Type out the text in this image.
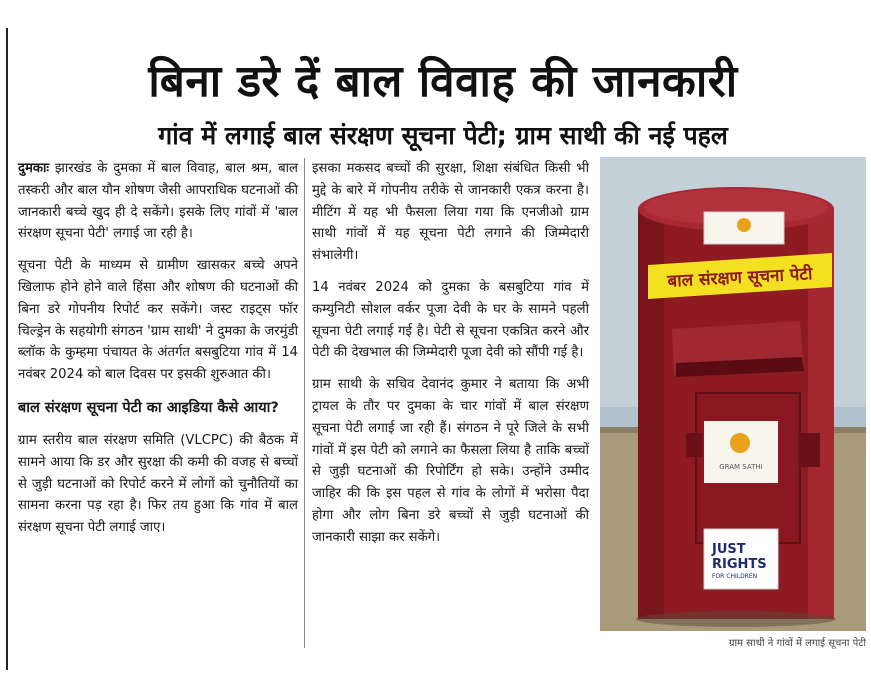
बिना डरे दें बाल विवाह की जानकारी
गांव में लगाई बाल संरक्षण सूचना पेटी; ग्राम साथी की नई पहल

दुमकाः झारखंड के दुमका में बाल विवाह, बाल श्रम, बाल तस्करी और बाल यौन शोषण जैसी आपराधिक घटनाओं की जानकारी बच्चे खुद ही दे सकेंगे। इसके लिए गांवों में 'बाल संरक्षण सूचना पेटी' लगाई जा रही है।

सूचना पेटी के माध्यम से ग्रामीण खासकर बच्चे अपने खिलाफ होने होने वाले हिंसा और शोषण की घटनाओं की बिना डरे गोपनीय रिपोर्ट कर सकेंगे। जस्ट राइट्स फॉर चिल्ड्रेन के सहयोगी संगठन 'ग्राम साथी' ने दुमका के जरमुंडी ब्लॉक के कुम्हमा पंचायत के अंतर्गत बसबुटिया गांव में 14 नवंबर 2024 को बाल दिवस पर इसकी शुरुआत की।

बाल संरक्षण सूचना पेटी का आइडिया कैसे आया?

ग्राम स्तरीय बाल संरक्षण समिति (VLCPC) की बैठक में सामने आया कि डर और सुरक्षा की कमी की वजह से बच्चों से जुड़ी घटनाओं को रिपोर्ट करने में लोगों को चुनौतियों का सामना करना पड़ रहा है। फिर तय हुआ कि गांव में बाल संरक्षण सूचना पेटी लगाई जाए।

इसका मकसद बच्चों की सुरक्षा, शिक्षा संबंधित किसी भी मुद्दे के बारे में गोपनीय तरीके से जानकारी एकत्र करना है। मीटिंग में यह भी फैसला लिया गया कि एनजीओ ग्राम साथी गांवों में यह सूचना पेटी लगाने की जिम्मेदारी संभालेगी।

14 नवंबर 2024 को दुमका के बसबुटिया गांव में कम्युनिटी सोशल वर्कर पूजा देवी के घर के सामने पहली सूचना पेटी लगाई गई है। पेटी से सूचना एकत्रित करने और पेटी की देखभाल की जिम्मेदारी पूजा देवी को सौंपी गई है।

ग्राम साथी के सचिव देवानंद कुमार ने बताया कि अभी ट्रायल के तौर पर दुमका के चार गांवों में बाल संरक्षण सूचना पेटी लगाई जा रही हैं। संगठन ने पूरे जिले के सभी गांवों में इस पेटी को लगाने का फैसला लिया है ताकि बच्चों से जुड़ी घटनाओं की रिपोर्टिंग हो सके। उन्होंने उम्मीद जाहिर की कि इस पहल से गांव के लोगों में भरोसा पैदा होगा और लोग बिना डरे बच्चों से जुड़ी घटनाओं की जानकारी साझा कर सकेंगे।

बाल संरक्षण सूचना पेटी
GRAM SATHI
JUST
RIGHTS
FOR CHILDREN
ग्राम साथी ने गांवों में लगाई सूचना पेटी
